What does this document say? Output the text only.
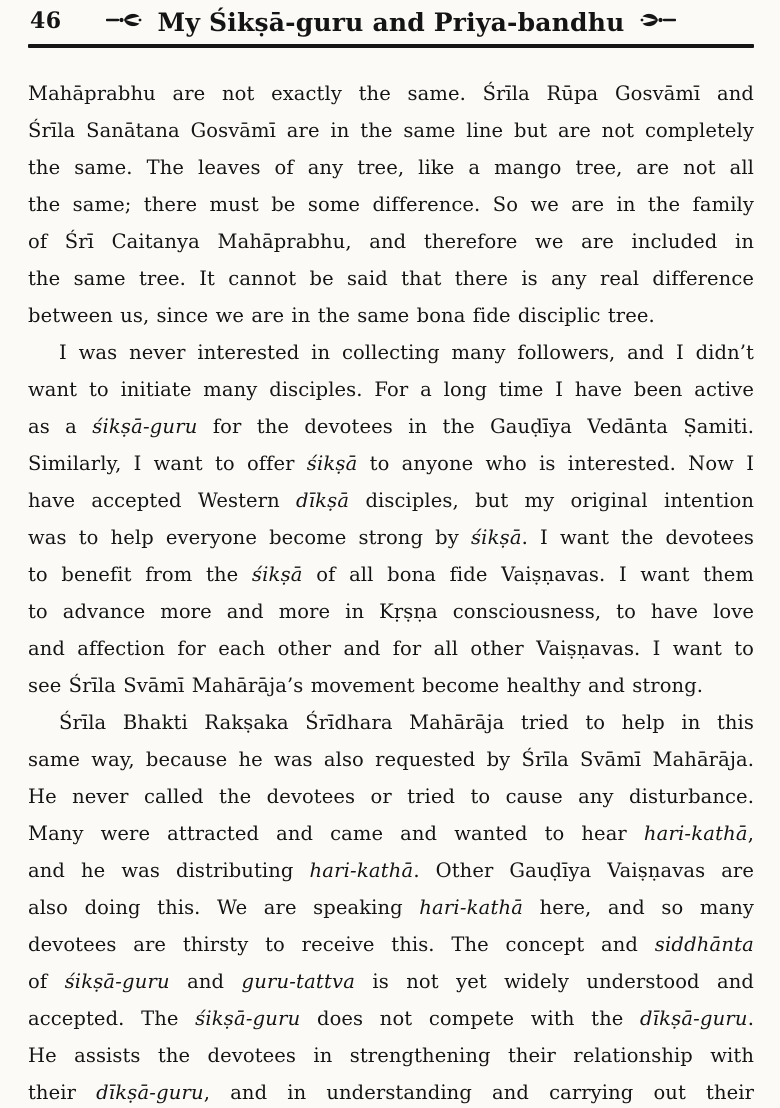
46	My Śikṣā-guru and Priya-bandhu
Mahāprabhu are not exactly the same. Śrīla Rūpa Gosvāmī and
Śrīla Sanātana Gosvāmī are in the same line but are not completely
the same. The leaves of any tree, like a mango tree, are not all
the same; there must be some difference. So we are in the family
of Śrī Caitanya Mahāprabhu, and therefore we are included in
the same tree. It cannot be said that there is any real difference
between us, since we are in the same bona fide disciplic tree.
I was never interested in collecting many followers, and I didn’t
want to initiate many disciples. For a long time I have been active
as a śikṣā-guru for the devotees in the Gauḍīya Vedānta Ṣamiti.
Similarly, I want to offer śikṣā to anyone who is interested. Now I
have accepted Western dīkṣā disciples, but my original intention
was to help everyone become strong by śikṣā. I want the devotees
to benefit from the śikṣā of all bona fide Vaiṣṇavas. I want them
to advance more and more in Kṛṣṇa consciousness, to have love
and affection for each other and for all other Vaiṣṇavas. I want to
see Śrīla Svāmī Mahārāja’s movement become healthy and strong.
Śrīla Bhakti Rakṣaka Śrīdhara Mahārāja tried to help in this
same way, because he was also requested by Śrīla Svāmī Mahārāja.
He never called the devotees or tried to cause any disturbance.
Many were attracted and came and wanted to hear hari-kathā,
and he was distributing hari-kathā. Other Gauḍīya Vaiṣṇavas are
also doing this. We are speaking hari-kathā here, and so many
devotees are thirsty to receive this. The concept and siddhānta
of śikṣā-guru and guru-tattva is not yet widely understood and
accepted. The śikṣā-guru does not compete with the dīkṣā-guru.
He assists the devotees in strengthening their relationship with
their dīkṣā-guru, and in understanding and carrying out their
